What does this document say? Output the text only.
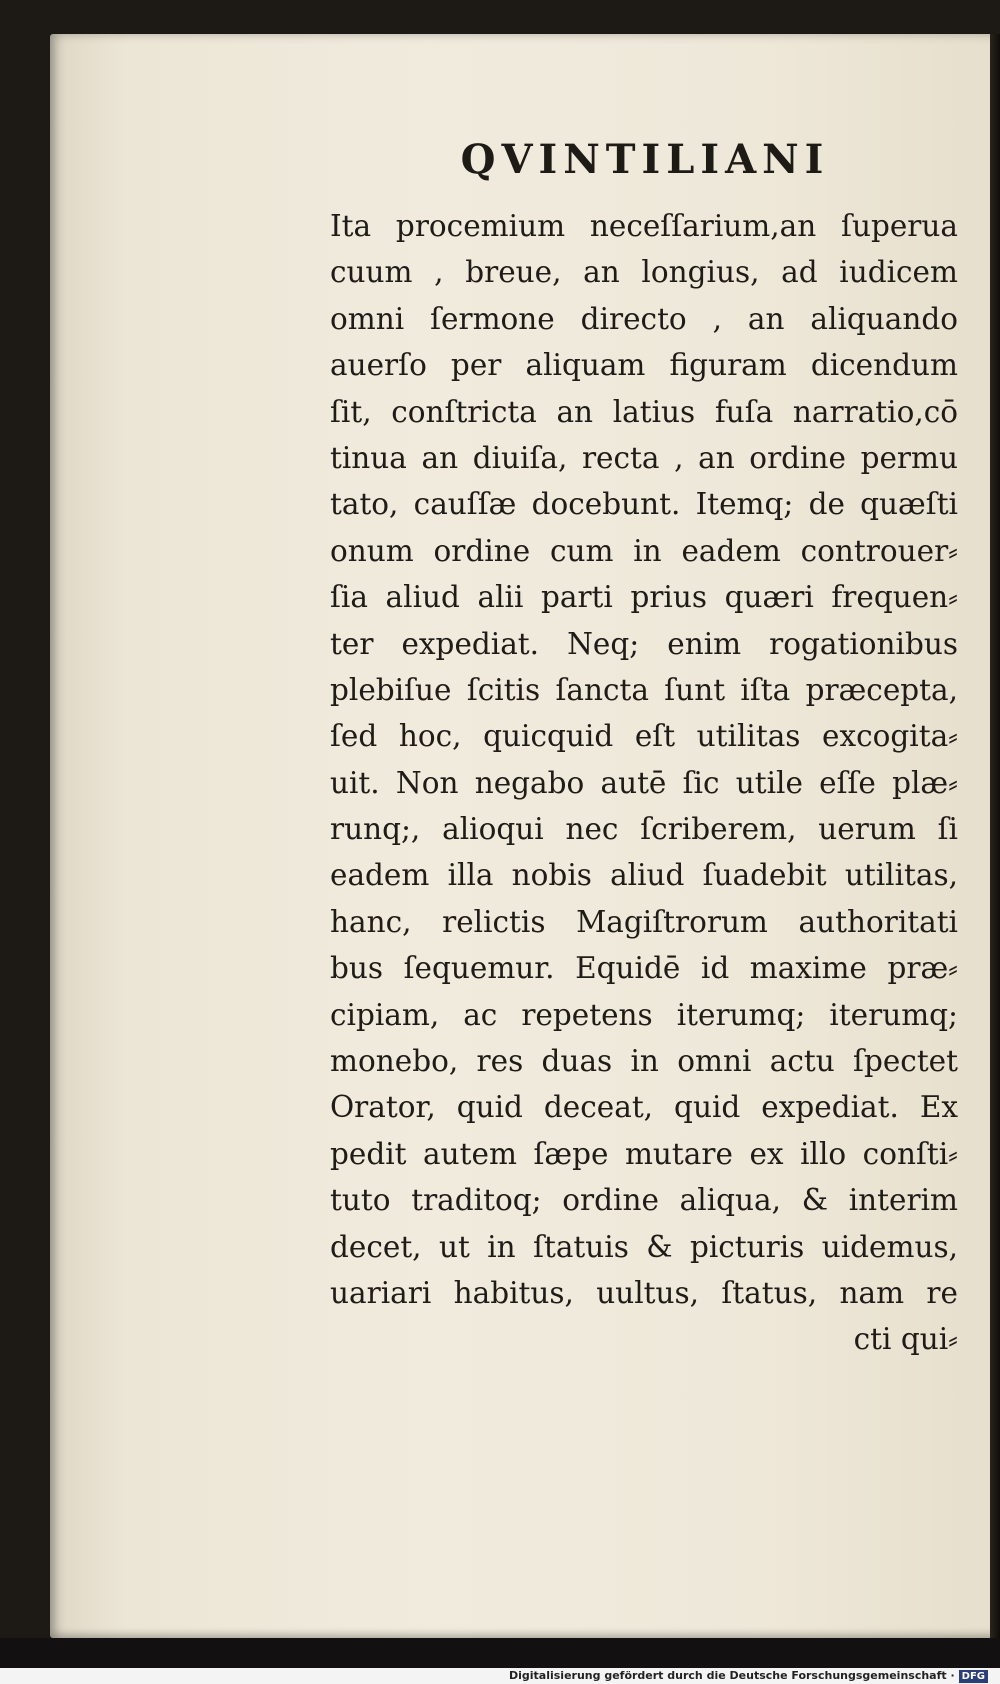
QVINTILIANI
Ita procemium neceſſarium,an ſuperua
cuum , breue, an longius, ad iudicem
omni ſermone directo , an aliquando
auerſo per aliquam figuram dicendum
ſit, conſtricta an latius fuſa narratio,cō
tinua an diuiſa, recta , an ordine permu
tato, cauſſæ docebunt. Itemq; de quæſti
onum ordine cum in eadem controuer⸗
ſia aliud alii parti prius quæri frequen⸗
ter expediat. Neq; enim rogationibus
plebiſue ſcitis ſancta ſunt iſta præcepta,
ſed hoc, quicquid eſt utilitas excogita⸗
uit. Non negabo autē ſic utile eſſe plæ⸗
runq;, alioqui nec ſcriberem, uerum ſi
eadem illa nobis aliud ſuadebit utilitas,
hanc, relictis Magiſtrorum authoritati
bus ſequemur. Equidē id maxime præ⸗
cipiam, ac repetens iterumq; iterumq;
monebo, res duas in omni actu ſpectet
Orator, quid deceat, quid expediat. Ex
pedit autem ſæpe mutare ex illo conſti⸗
tuto traditoq; ordine aliqua, & interim
decet, ut in ſtatuis & picturis uidemus,
uariari habitus, uultus, ſtatus, nam re
cti qui⸗
Digitalisierung gefördert durch die Deutsche Forschungsgemeinschaft · DFG
